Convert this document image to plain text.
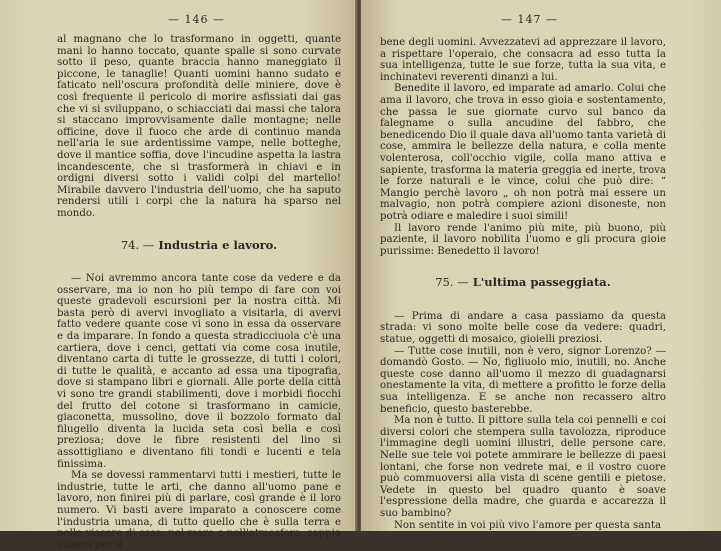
— 146 —

al magnano che lo trasformano in oggetti, quante mani lo hanno toccato, quante spalle si sono curvate sotto il peso, quante braccia hanno maneggiato il piccone, le tanaglie! Quanti uomini hanno sudato e faticato nell'oscura profondità delle miniere, dove è così frequente il pericolo di morire asfissiati dai gas che vi si sviluppano, o schiacciati dai massi che talora si staccano improvvisamente dalle montagne; nelle officine, dove il fuoco che arde di continuo manda nell'aria le sue ardentissime vampe, nelle botteghe, dove il mantice soffia, dove l'incudine aspetta la lastra incandescente, che si trasformerà in chiavi e in ordigni diversi sotto i validi colpi del martello! Mirabile davvero l'industria dell'uomo, che ha saputo rendersi utili i corpi che la natura ha sparso nel mondo.

74. — Industria e lavoro.

— Noi avremmo ancora tante cose da vedere e da osservare, ma io non ho più tempo di fare con voi queste gradevoli escursioni per la nostra città. Mi basta però di avervi invogliato a visitarla, di avervi fatto vedere quante cose vi sono in essa da osservare e da imparare. In fondo a questa stradicciuola c'è una cartiera, dove i cenci, gettati via come cosa inutile, diventano carta di tutte le grossezze, di tutti i colori, di tutte le qualità, e accanto ad essa una tipografia, dove si stampano libri e giornali. Alle porte della città vi sono tre grandi stabilimenti, dove i morbidi fiocchi del frutto del cotone si trasformano in camicie, giaconetta, mussolino, dove il bozzolo formato dal filugello diventa la lucida seta così bella e così preziosa; dove le fibre resistenti del lino si assottigliano e diventano fili tondi e lucenti e tela finissima.

Ma se dovessi rammentarvi tutti i mestieri, tutte le industrie, tutte le arti, che danno all'uomo pane e lavoro, non finirei più di parlare, così grande è il loro numero. Vi basti avere imparato a conoscere come l'industria umana, di tutto quello che è sulla terra e nelle viscere di essa, nel mare e nell'atmosfera, sappia valersi per il

— 147 —

bene degli uomini. Avvezzatevi ad apprezzare il lavoro, a rispettare l'operaio, che consacra ad esso tutta la sua intelligenza, tutte le sue forze, tutta la sua vita, e inchinatevi reverenti dinanzi a lui.

Benedite il lavoro, ed imparate ad amarlo. Colui che ama il lavoro, che trova in esso gioia e sostentamento, che passa le sue giornate curvo sul banco da falegname o sulla ancudine del fabbro, che benedicendo Dio il quale dava all'uomo tanta varietà di cose, ammira le bellezze della natura, e colla mente volenterosa, coll'occhio vigile, colla mano attiva e sapiente, trasforma la materia greggia ed inerte, trova le forze naturali e le vince, colui che può dire: “ Mangio perchè lavoro „ oh non potrà mai essere un malvagio, non potrà compiere azioni disoneste, non potrà odiare e maledire i suoi simili!

Il lavoro rende l'animo più mite, più buono, più paziente, il lavoro nobilita l'uomo e gli procura gioie purissime: Benedetto il lavoro!

75. — L'ultima passeggiata.

— Prima di andare a casa passiamo da questa strada: vi sono molte belle cose da vedere: quadri, statue, oggetti di mosaico, gioielli preziosi.

— Tutte cose inutili, non è vero, signor Lorenzo? — domandò Gosto. — No, figliuolo mio, inutili, no. Anche queste cose danno all'uomo il mezzo di guadagnarsi onestamente la vita, di mettere a profitto le forze della sua intelligenza. E se anche non recassero altro beneficio, questo basterebbe.

Ma non è tutto. Il pittore sulla tela coi pennelli e coi diversi colori che stempera sulla tavolozza, riproduce l'immagine degli uomini illustri, delle persone care. Nelle sue tele voi potete ammirare le bellezze di paesi lontani, che forse non vedrete mai, e il vostro cuore può commuoversi alla vista di scene gentili e pietose. Vedete in questo bel quadro quanto è soave l'espressione della madre, che guarda e accarezza il suo bambino?

Non sentite in voi più vivo l'amore per questa santa
